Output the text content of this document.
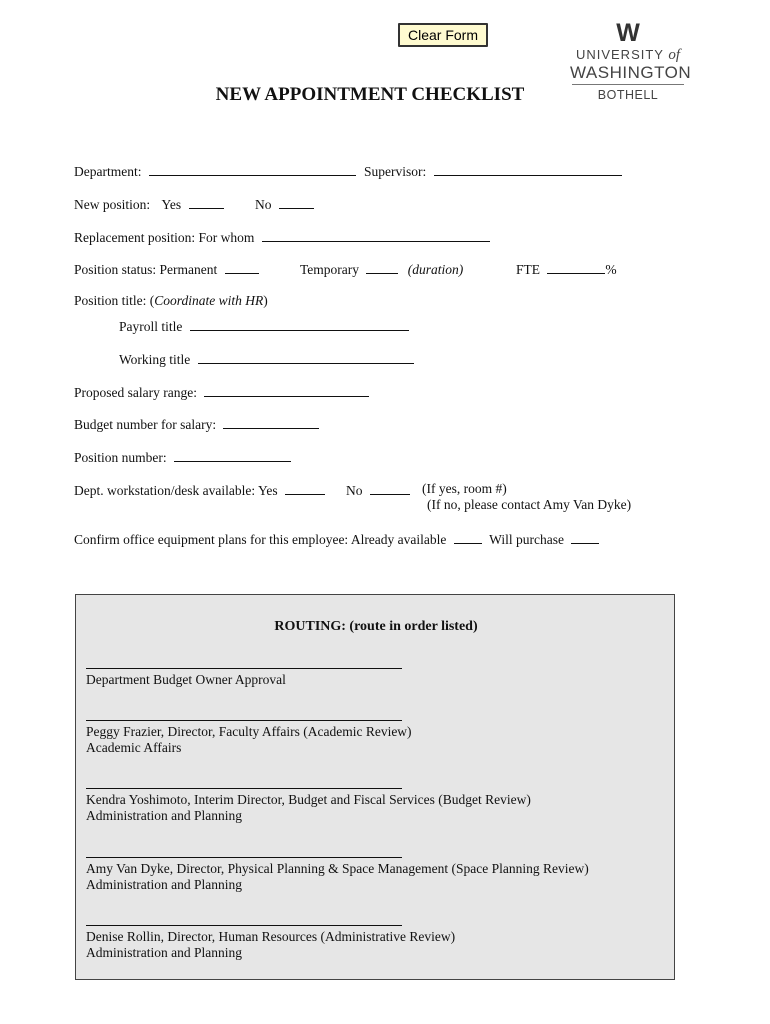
Clear Form	W
UNIVERSITY of
WASHINGTON
BOTHELL
NEW APPOINTMENT CHECKLIST
Department:	Supervisor:
New position: Yes	No
Replacement position: For whom
Position status: Permanent	Temporary	(duration)	FTE	%
Position title: (Coordinate with HR)
Payroll title
Working title
Proposed salary range:
Budget number for salary:
Position number:
Dept. workstation/desk available: Yes	No	(If yes, room #)
(If no, please contact Amy Van Dyke)
Confirm office equipment plans for this employee: Already available	Will purchase
ROUTING: (route in order listed)
Department Budget Owner Approval
Peggy Frazier, Director, Faculty Affairs (Academic Review)
Academic Affairs
Kendra Yoshimoto, Interim Director, Budget and Fiscal Services (Budget Review)
Administration and Planning
Amy Van Dyke, Director, Physical Planning & Space Management (Space Planning Review)
Administration and Planning
Denise Rollin, Director, Human Resources (Administrative Review)
Administration and Planning
